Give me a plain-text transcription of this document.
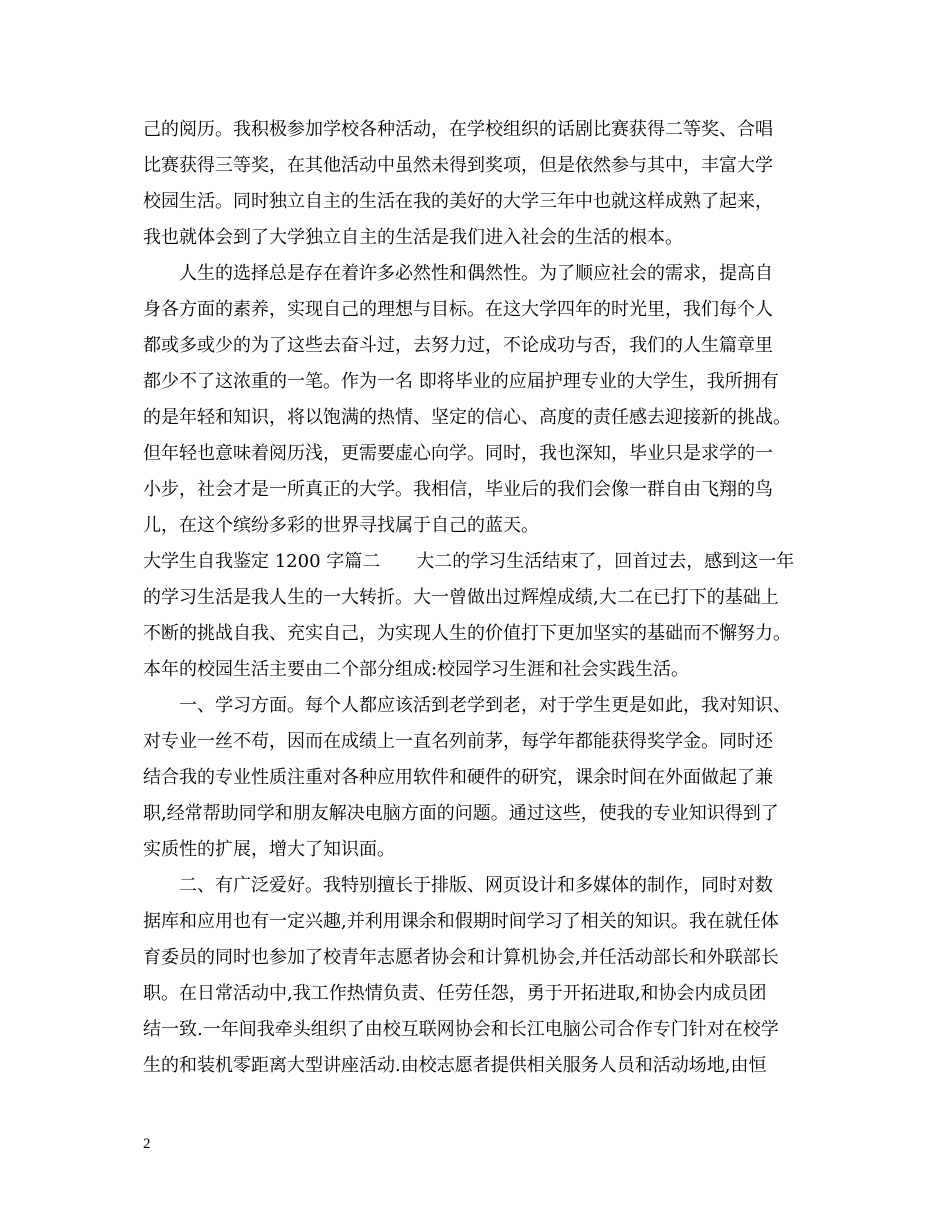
己的阅历。我积极参加学校各种活动，在学校组织的话剧比赛获得二等奖、合唱
比赛获得三等奖，在其他活动中虽然未得到奖项，但是依然参与其中，丰富大学
校园生活。同时独立自主的生活在我的美好的大学三年中也就这样成熟了起来，
我也就体会到了大学独立自主的生活是我们进入社会的生活的根本。
人生的选择总是存在着许多必然性和偶然性。为了顺应社会的需求，提高自
身各方面的素养，实现自己的理想与目标。在这大学四年的时光里，我们每个人
都或多或少的为了这些去奋斗过，去努力过，不论成功与否，我们的人生篇章里
都少不了这浓重的一笔。作为一名 即将毕业的应届护理专业的大学生，我所拥有
的是年轻和知识，将以饱满的热情、坚定的信心、高度的责任感去迎接新的挑战。
但年轻也意味着阅历浅，更需要虚心向学。同时，我也深知，毕业只是求学的一
小步，社会才是一所真正的大学。我相信，毕业后的我们会像一群自由飞翔的鸟
儿，在这个缤纷多彩的世界寻找属于自己的蓝天。
大学生自我鉴定 1200 字篇二　　大二的学习生活结束了，回首过去，感到这一年
的学习生活是我人生的一大转折。大一曾做出过辉煌成绩,大二在已打下的基础上
不断的挑战自我、充实自己，为实现人生的价值打下更加坚实的基础而不懈努力。
本年的校园生活主要由二个部分组成:校园学习生涯和社会实践生活。
一、学习方面。每个人都应该活到老学到老，对于学生更是如此，我对知识、
对专业一丝不苟，因而在成绩上一直名列前茅，每学年都能获得奖学金。同时还
结合我的专业性质注重对各种应用软件和硬件的研究，课余时间在外面做起了兼
职,经常帮助同学和朋友解决电脑方面的问题。通过这些，使我的专业知识得到了
实质性的扩展，增大了知识面。
二、有广泛爱好。我特别擅长于排版、网页设计和多媒体的制作，同时对数
据库和应用也有一定兴趣,并利用课余和假期时间学习了相关的知识。我在就任体
育委员的同时也参加了校青年志愿者协会和计算机协会,并任活动部长和外联部长
职。在日常活动中,我工作热情负责、任劳任怨，勇于开拓进取,和协会内成员团
结一致.一年间我牵头组织了由校互联网协会和长江电脑公司合作专门针对在校学
生的和装机零距离大型讲座活动.由校志愿者提供相关服务人员和活动场地,由恒
2
